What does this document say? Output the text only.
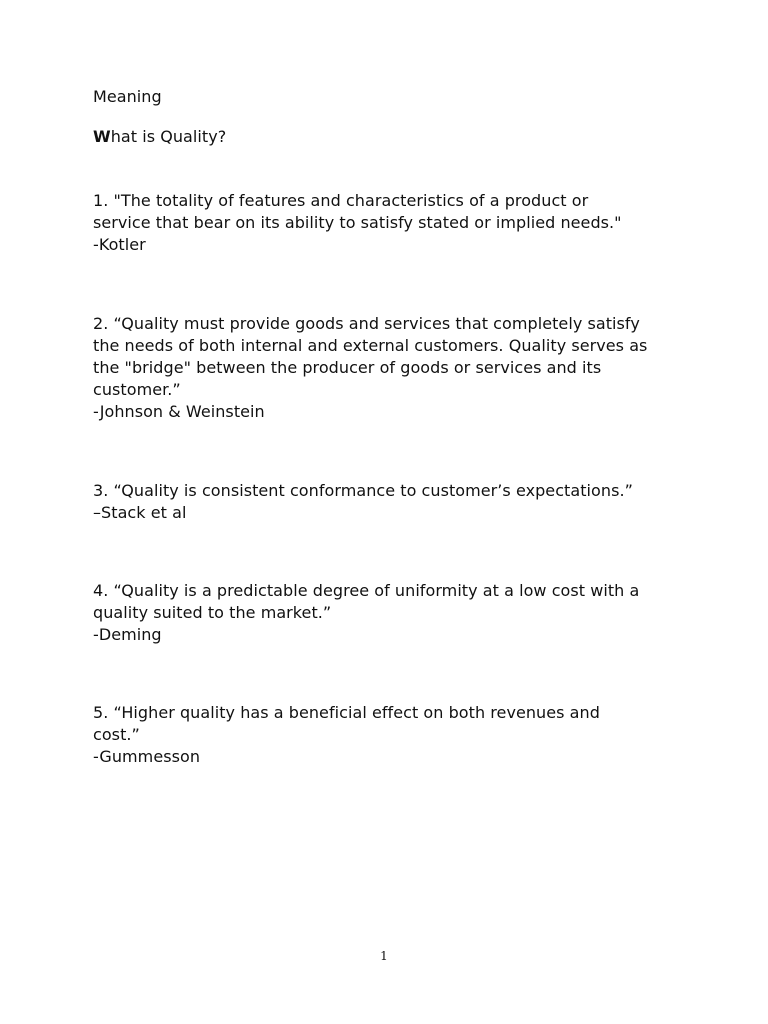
Meaning
What is Quality?
1. "The totality of features and characteristics of a product or
service that bear on its ability to satisfy stated or implied needs."
-Kotler
2. “Quality must provide goods and services that completely satisfy
the needs of both internal and external customers. Quality serves as
the "bridge" between the producer of goods or services and its
customer.”
-Johnson & Weinstein
3. “Quality is consistent conformance to customer’s expectations.”
–Stack et al
4. “Quality is a predictable degree of uniformity at a low cost with a
quality suited to the market.”
-Deming
5. “Higher quality has a beneficial effect on both revenues and
cost.”
-Gummesson
1
